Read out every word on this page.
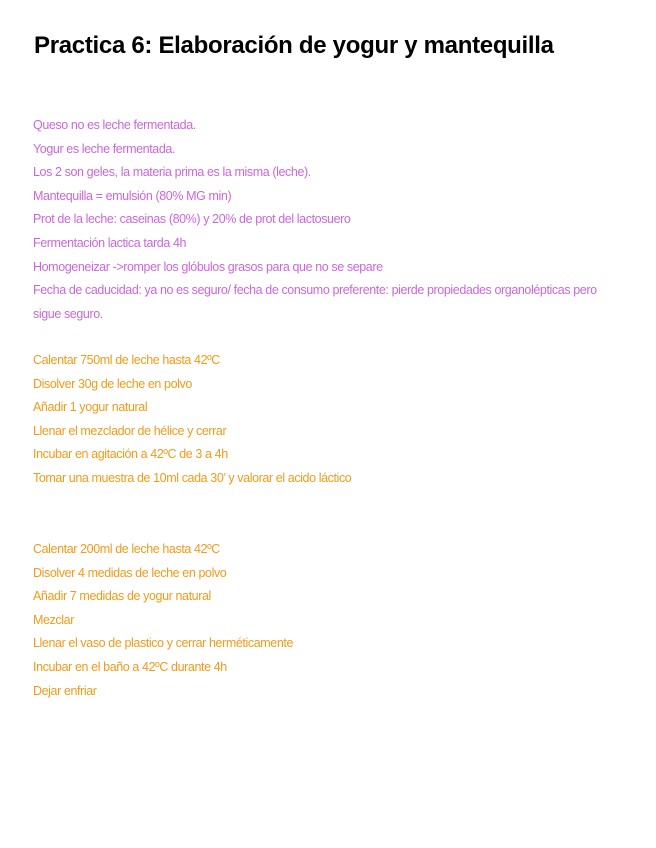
Practica 6: Elaboración de yogur y mantequilla
Queso no es leche fermentada.
Yogur es leche fermentada.
Los 2 son geles, la materia prima es la misma (leche).
Mantequilla = emulsión (80% MG min)
Prot de la leche: caseinas (80%) y 20% de prot del lactosuero
Fermentación lactica tarda 4h
Homogeneizar ->romper los glóbulos grasos para que no se separe
Fecha de caducidad: ya no es seguro/ fecha de consumo preferente: pierde propiedades organolépticas pero sigue seguro.
Calentar 750ml de leche hasta 42ºC
Disolver 30g de leche en polvo
Añadir 1 yogur natural
Llenar el mezclador de hélice y cerrar
Incubar en agitación a 42ºC de 3 a 4h
Tomar una muestra de 10ml cada 30’ y valorar el acido láctico
Calentar 200ml de leche hasta 42ºC
Disolver 4 medidas de leche en polvo
Añadir 7 medidas de yogur natural
Mezclar
Llenar el vaso de plastico y cerrar herméticamente
Incubar en el baño a 42ºC durante 4h
Dejar enfriar
